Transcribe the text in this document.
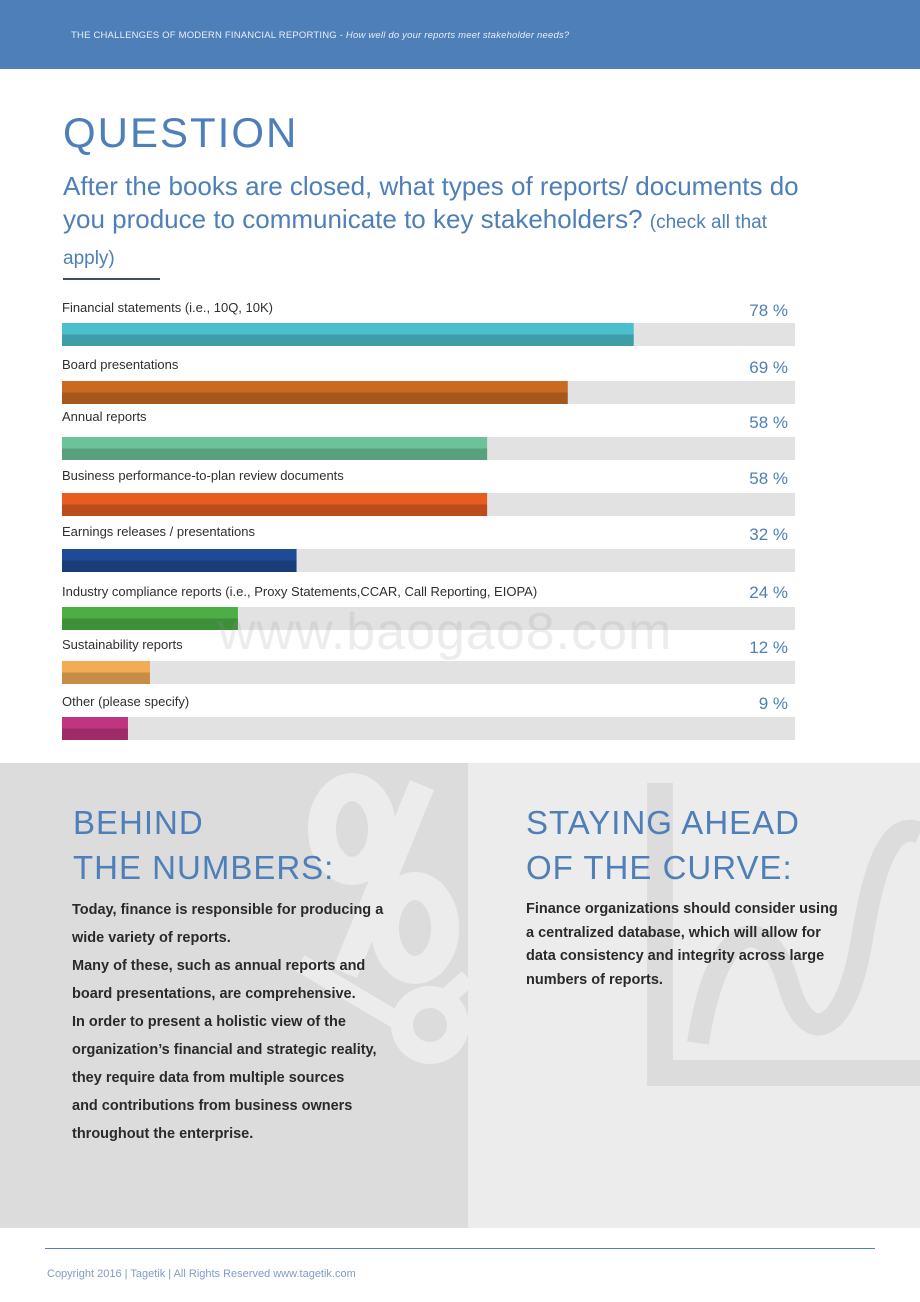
THE CHALLENGES OF MODERN FINANCIAL REPORTING - How well do your reports meet stakeholder needs?
QUESTION
After the books are closed, what types of reports/ documents do you produce to communicate to key stakeholders? (check all that apply)
Financial statements (i.e., 10Q, 10K)	78 %
Board presentations	69 %
Annual reports	58 %
Business performance-to-plan review documents	58 %
Earnings releases / presentations	32 %
Industry compliance reports (i.e., Proxy Statements,CCAR, Call Reporting, EIOPA)	24 %
Sustainability reports	12 %
Other (please specify)	9 %
www.baogao8.com
BEHIND
THE NUMBERS:

Today, finance is responsible for producing a

wide variety of reports.

Many of these, such as annual reports and

board presentations, are comprehensive.

In order to present a holistic view of the

organization’s financial and strategic reality,

they require data from multiple sources

and contributions from business owners

throughout the enterprise.

STAYING AHEAD
OF THE CURVE:

Finance organizations should consider using

a centralized database, which will allow for

data consistency and integrity across large

numbers of reports.

Copyright 2016 | Tagetik | All Rights Reserved www.tagetik.com
